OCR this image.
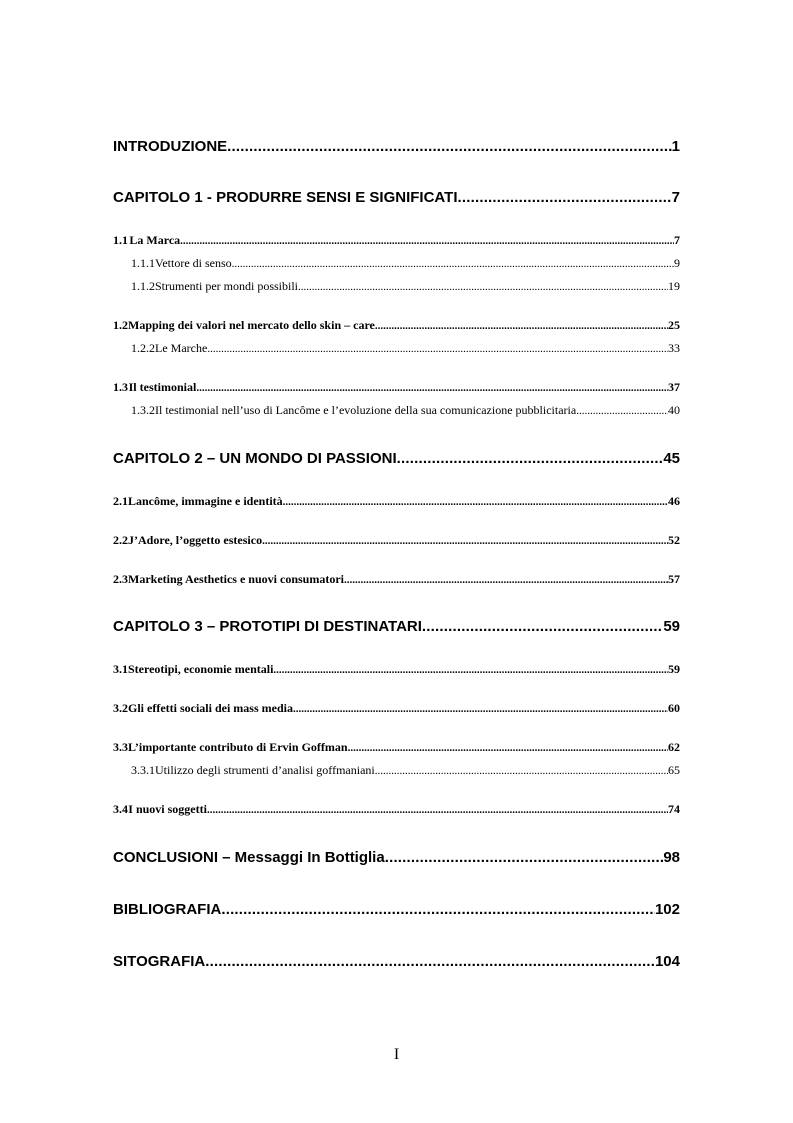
INTRODUZIONE .....	1
CAPITOLO 1 - PRODURRE SENSI E SIGNIFICATI .....	7
1.1 La Marca .....	7
1.1.1 Vettore di senso .....	9
1.1.2 Strumenti per mondi possibili .....	19
1.2 Mapping dei valori nel mercato dello skin – care .....	25
1.2.2 Le Marche .....	33
1.3 Il testimonial .....	37
1.3.2 Il testimonial nell’uso di Lancôme e l’evoluzione della sua comunicazione pubblicitaria .....	40
CAPITOLO 2 – UN MONDO DI PASSIONI .....	45
2.1 Lancôme, immagine e identità .....	46
2.2 J’Adore, l’oggetto estesico .....	52
2.3 Marketing Aesthetics e nuovi consumatori .....	57
CAPITOLO 3 – PROTOTIPI DI DESTINATARI .....	59
3.1 Stereotipi, economie mentali .....	59
3.2 Gli effetti sociali dei mass media .....	60
3.3 L’importante contributo di Ervin Goffman .....	62
3.3.1 Utilizzo degli strumenti d’analisi goffmaniani .....	65
3.4 I nuovi soggetti .....	74
CONCLUSIONI – Messaggi In Bottiglia .....	98
BIBLIOGRAFIA .....	102
SITOGRAFIA .....	104
I
